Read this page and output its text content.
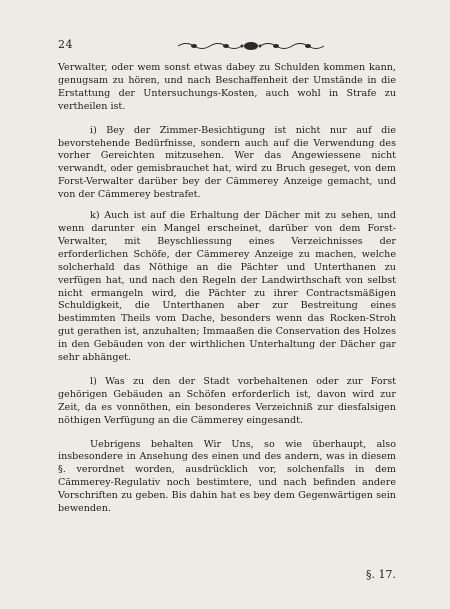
24

Verwalter, oder wem sonst etwas dabey zu Schulden kommen kann, genugsam zu hören, und nach Beschaffenheit der Umstände in die Erstattung der Untersuchungs-Kosten, auch wohl in Strafe zu vertheilen ist.

i) Bey der Zimmer-Besichtigung ist nicht nur auf die bevorstehende Bedürfnisse, sondern auch auf die Verwendung des vorher Gereichten mitzusehen. Wer das Angewiessene nicht verwandt, oder gemisbrauchet hat, wird zu Bruch geseget, von dem Forst-Verwalter darüber bey der Cämmerey Anzeige gemacht, und von der Cämmerey bestrafet.

k) Auch ist auf die Erhaltung der Dächer mit zu sehen, und wenn darunter ein Mangel erscheinet, darüber von dem Forst-Verwalter, mit Beyschliessung eines Verzeichnisses der erforderlichen Schöfe, der Cämmerey Anzeige zu machen, welche solcherhald das Nöthige an die Pächter und Unterthanen zu verfügen hat, und nach den Regeln der Landwirthschaft von selbst nicht ermangeln wird, die Pächter zu ihrer Contractsmäßigen Schuldigkeit, die Unterthanen aber zur Bestreitung eines bestimmten Theils vom Dache, besonders wenn das Rocken-Stroh gut gerathen ist, anzuhalten; Immaaßen die Conservation des Holzes in den Gebäuden von der wirthlichen Unterhaltung der Dächer gar sehr abhänget.

l) Was zu den der Stadt vorbehaltenen oder zur Forst gehörigen Gebäuden an Schöfen erforderlich ist, davon wird zur Zeit, da es vonnöthen, ein besonderes Verzeichniß zur diesfalsigen nöthigen Verfügung an die Cämmerey eingesandt.

Uebrigens behalten Wir Uns, so wie überhaupt, also insbesondere in Ansehung des einen und des andern, was in diesem §. verordnet worden, ausdrücklich vor, solchenfalls in dem Cämmerey-Regulativ noch bestimtere, und nach befinden andere Vorschriften zu geben. Bis dahin hat es bey dem Gegenwärtigen sein bewenden.

§. 17.
